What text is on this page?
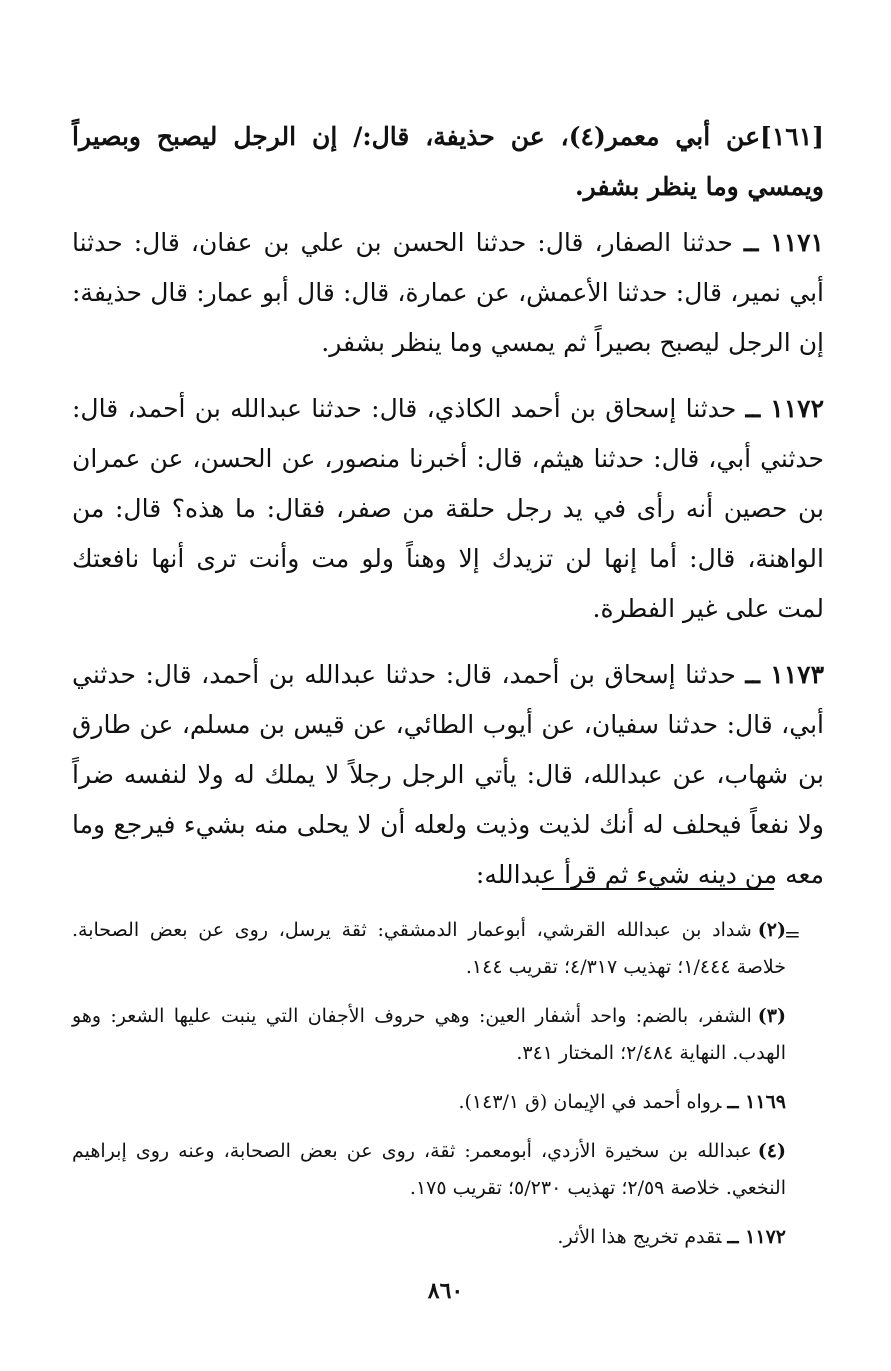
[١٦١]عن أبي معمر(٤)، عن حذيفة، قال:/ إن الرجل ليصبح وبصيراً ويمسي وما ينظر بشفر.

١١٧١ ــ حدثنا الصفار، قال: حدثنا الحسن بن علي بن عفان، قال: حدثنا أبي نمير، قال: حدثنا الأعمش، عن عمارة، قال: قال أبو عمار: قال حذيفة: إن الرجل ليصبح بصيراً ثم يمسي وما ينظر بشفر.

١١٧٢ ــ حدثنا إسحاق بن أحمد الكاذي، قال: حدثنا عبدالله بن أحمد، قال: حدثني أبي، قال: حدثنا هيثم، قال: أخبرنا منصور، عن الحسن، عن عمران بن حصين أنه رأى في يد رجل حلقة من صفر، فقال: ما هذه؟ قال: من الواهنة، قال: أما إنها لن تزيدك إلا وهناً ولو مت وأنت ترى أنها نافعتك لمت على غير الفطرة.

١١٧٣ ــ حدثنا إسحاق بن أحمد، قال: حدثنا عبدالله بن أحمد، قال: حدثني أبي، قال: حدثنا سفيان، عن أيوب الطائي، عن قيس بن مسلم، عن طارق بن شهاب، عن عبدالله، قال: يأتي الرجل رجلاً لا يملك له ولا لنفسه ضراً ولا نفعاً فيحلف له أنك لذيت وذيت ولعله أن لا يحلى منه بشيء فيرجع وما معه من دينه شيء ثم قرأ عبدالله:

=

(٢)شداد بن عبدالله القرشي، أبوعمار الدمشقي: ثقة يرسل، روى عن بعض الصحابة. خلاصة ١/٤٤٤؛ تهذيب ٤/٣١٧؛ تقريب ١٤٤.

(٣)الشفر، بالضم: واحد أشفار العين: وهي حروف الأجفان التي ينبت عليها الشعر: وهو الهدب. النهاية ٢/٤٨٤؛ المختار ٣٤١.

١١٦٩ ــرواه أحمد في الإيمان (ق ١٤٣/١).

(٤)عبدالله بن سخيرة الأزدي، أبومعمر: ثقة، روى عن بعض الصحابة، وعنه روى إبراهيم النخعي. خلاصة ٢/٥٩؛ تهذيب ٥/٢٣٠؛ تقريب ١٧٥.

١١٧٢ ــتقدم تخريج هذا الأثر.

٨٦٠
